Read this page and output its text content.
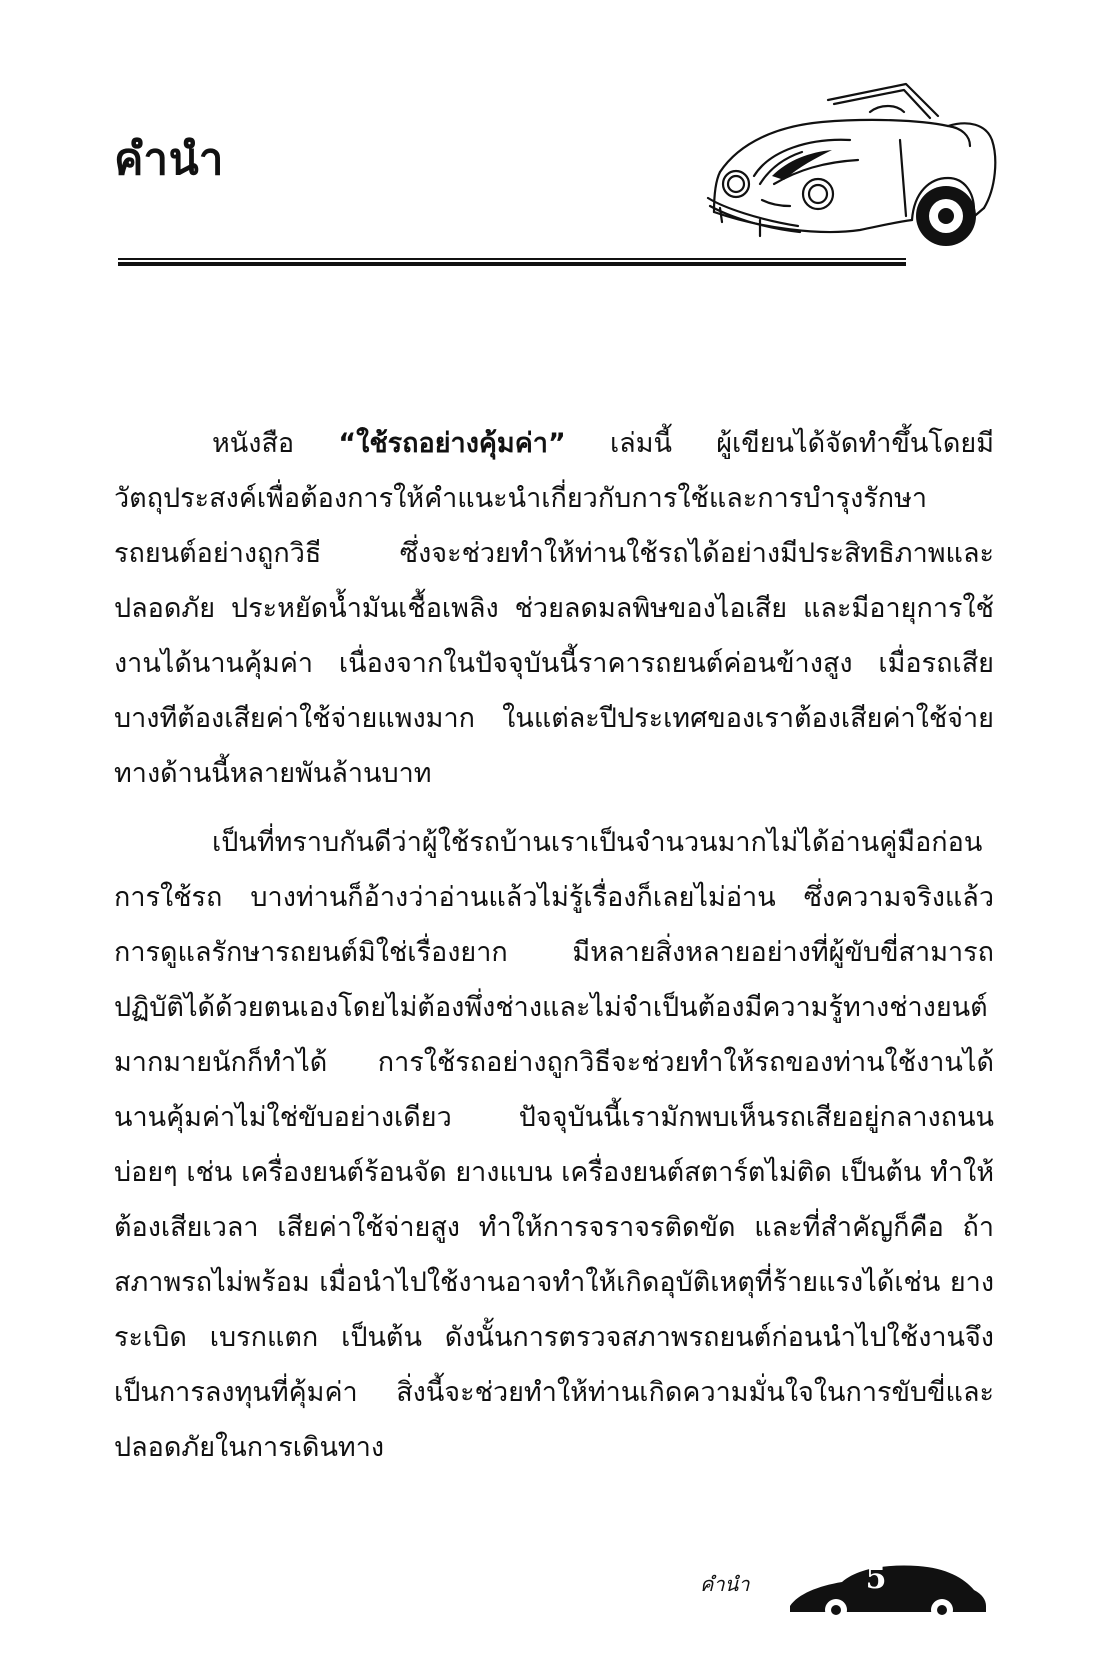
คำนำ

หนังสือ “ใช้รถอย่างคุ้มค่า” เล่มนี้ ผู้เขียนได้จัดทำขึ้นโดยมีวัตถุประสงค์เพื่อต้องการให้คำแนะนำเกี่ยวกับการใช้และการบำรุงรักษารถยนต์อย่างถูกวิธี ซึ่งจะช่วยทำให้ท่านใช้รถได้อย่างมีประสิทธิภาพและปลอดภัย ประหยัดน้ำมันเชื้อเพลิง ช่วยลดมลพิษของไอเสีย และมีอายุการใช้งานได้นานคุ้มค่า เนื่องจากในปัจจุบันนี้ราคารถยนต์ค่อนข้างสูง เมื่อรถเสียบางทีต้องเสียค่าใช้จ่ายแพงมาก ในแต่ละปีประเทศของเราต้องเสียค่าใช้จ่ายทางด้านนี้หลายพันล้านบาท

เป็นที่ทราบกันดีว่าผู้ใช้รถบ้านเราเป็นจำนวนมากไม่ได้อ่านคู่มือก่อนการใช้รถ บางท่านก็อ้างว่าอ่านแล้วไม่รู้เรื่องก็เลยไม่อ่าน ซึ่งความจริงแล้วการดูแลรักษารถยนต์มิใช่เรื่องยาก มีหลายสิ่งหลายอย่างที่ผู้ขับขี่สามารถปฏิบัติได้ด้วยตนเองโดยไม่ต้องพึ่งช่างและไม่จำเป็นต้องมีความรู้ทางช่างยนต์มากมายนักก็ทำได้ การใช้รถอย่างถูกวิธีจะช่วยทำให้รถของท่านใช้งานได้นานคุ้มค่าไม่ใช่ขับอย่างเดียว ปัจจุบันนี้เรามักพบเห็นรถเสียอยู่กลางถนนบ่อยๆ เช่น เครื่องยนต์ร้อนจัด ยางแบน เครื่องยนต์สตาร์ตไม่ติด เป็นต้น ทำให้ต้องเสียเวลา เสียค่าใช้จ่ายสูง ทำให้การจราจรติดขัด และที่สำคัญก็คือ ถ้าสภาพรถไม่พร้อม เมื่อนำไปใช้งานอาจทำให้เกิดอุบัติเหตุที่ร้ายแรงได้เช่น ยางระเบิด เบรกแตก เป็นต้น ดังนั้นการตรวจสภาพรถยนต์ก่อนนำไปใช้งานจึงเป็นการลงทุนที่คุ้มค่า สิ่งนี้จะช่วยทำให้ท่านเกิดความมั่นใจในการขับขี่และปลอดภัยในการเดินทาง

คำนำ	5
